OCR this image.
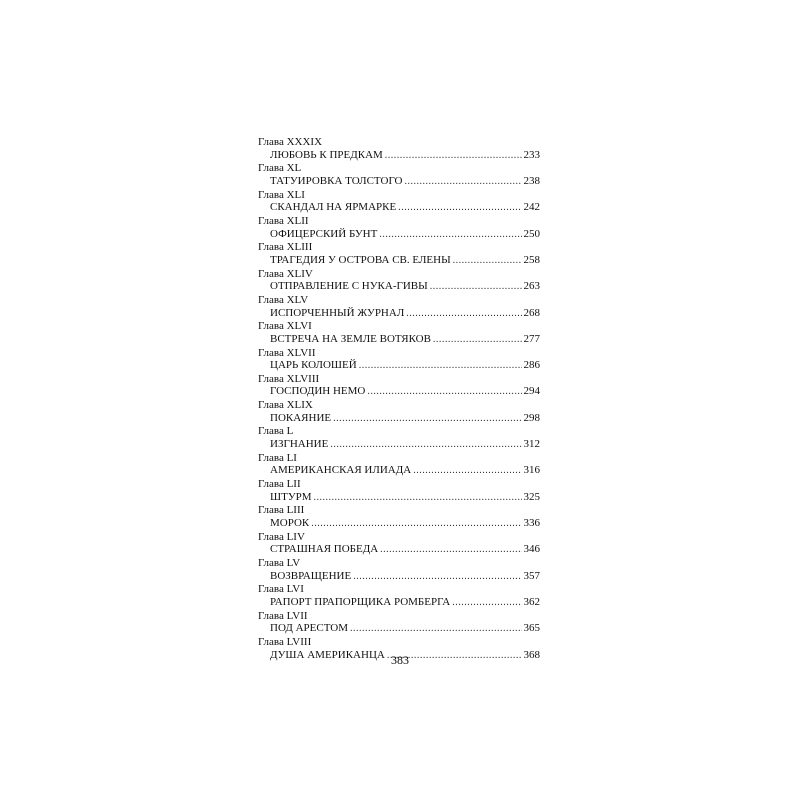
Глава XXXIX
ЛЮБОВЬ К ПРЕДКАМ .....	233
Глава XL
ТАТУИРОВКА ТОЛСТОГО .....	238
Глава XLI
СКАНДАЛ НА ЯРМАРКЕ .....	242
Глава XLII
ОФИЦЕРСКИЙ БУНТ .....	250
Глава XLIII
ТРАГЕДИЯ У ОСТРОВА СВ. ЕЛЕНЫ .....	258
Глава XLIV
ОТПРАВЛЕНИЕ С НУКА-ГИВЫ .....	263
Глава XLV
ИСПОРЧЕННЫЙ ЖУРНАЛ .....	268
Глава XLVI
ВСТРЕЧА НА ЗЕМЛЕ ВОТЯКОВ .....	277
Глава XLVII
ЦАРЬ КОЛОШЕЙ .....	286
Глава XLVIII
ГОСПОДИН НЕМО .....	294
Глава XLIX
ПОКАЯНИЕ .....	298
Глава L
ИЗГНАНИЕ .....	312
Глава LI
АМЕРИКАНСКАЯ ИЛИАДА .....	316
Глава LII
ШТУРМ .....	325
Глава LIII
МОРОК .....	336
Глава LIV
СТРАШНАЯ ПОБЕДА .....	346
Глава LV
ВОЗВРАЩЕНИЕ .....	357
Глава LVI
РАПОРТ ПРАПОРЩИКА РОМБЕРГА .....	362
Глава LVII
ПОД АРЕСТОМ .....	365
Глава LVIII
ДУША АМЕРИКАНЦА .....	368
383
